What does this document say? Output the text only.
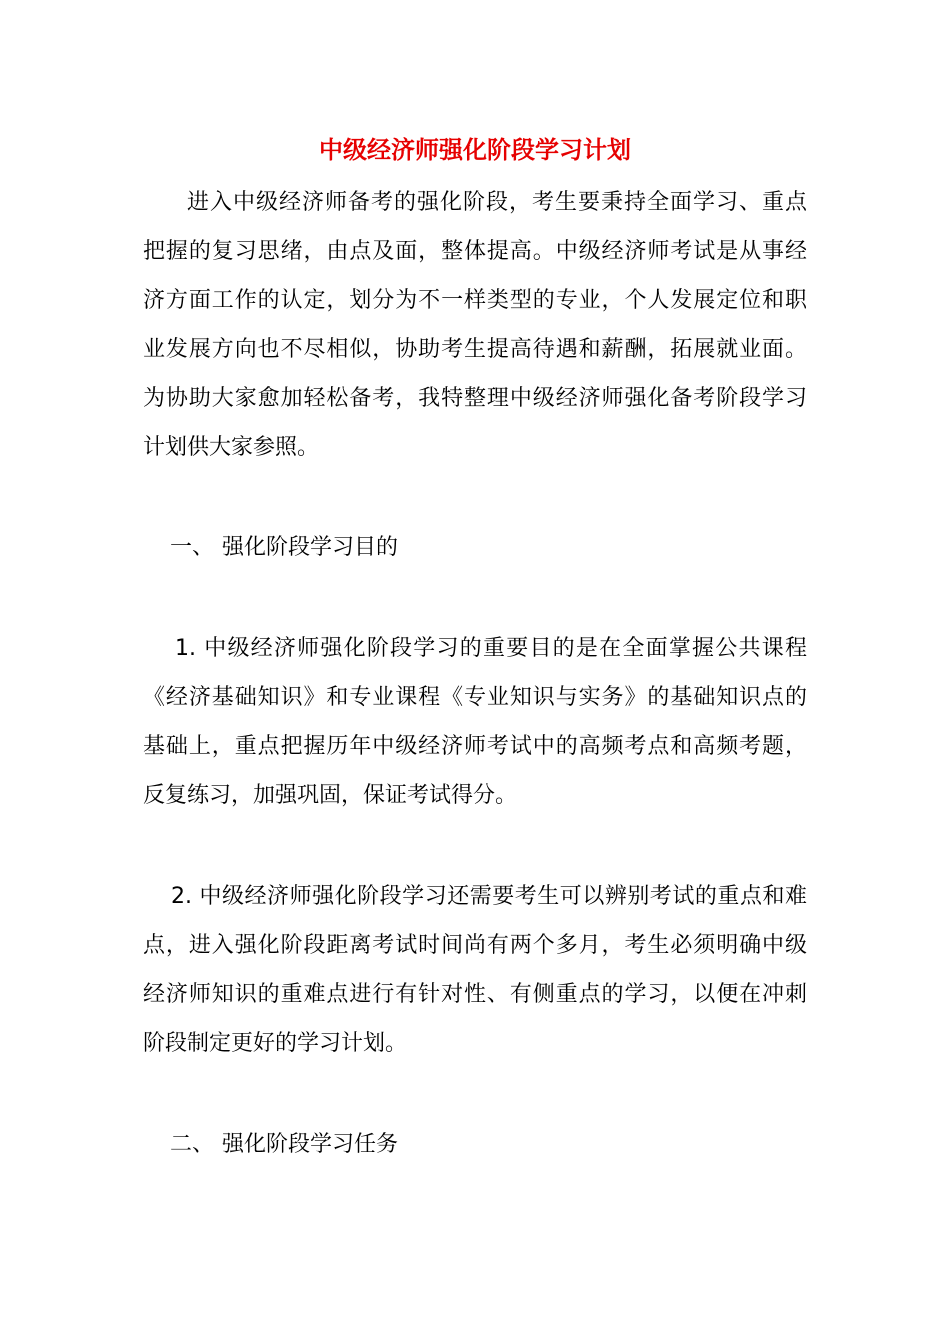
中级经济师强化阶段学习计划
进入中级经济师备考的强化阶段，考生要秉持全面学习、重点
把握的复习思绪，由点及面，整体提高。中级经济师考试是从事经
济方面工作的认定，划分为不一样类型的专业，个人发展定位和职
业发展方向也不尽相似，协助考生提高待遇和薪酬，拓展就业面。
为协助大家愈加轻松备考，我特整理中级经济师强化备考阶段学习
计划供大家参照。
一、 强化阶段学习目的
1. 中级经济师强化阶段学习的重要目的是在全面掌握公共课程
《经济基础知识》和专业课程《专业知识与实务》的基础知识点的
基础上，重点把握历年中级经济师考试中的高频考点和高频考题，
反复练习，加强巩固，保证考试得分。
2. 中级经济师强化阶段学习还需要考生可以辨别考试的重点和难
点，进入强化阶段距离考试时间尚有两个多月，考生必须明确中级
经济师知识的重难点进行有针对性、有侧重点的学习，以便在冲刺
阶段制定更好的学习计划。
二、 强化阶段学习任务
